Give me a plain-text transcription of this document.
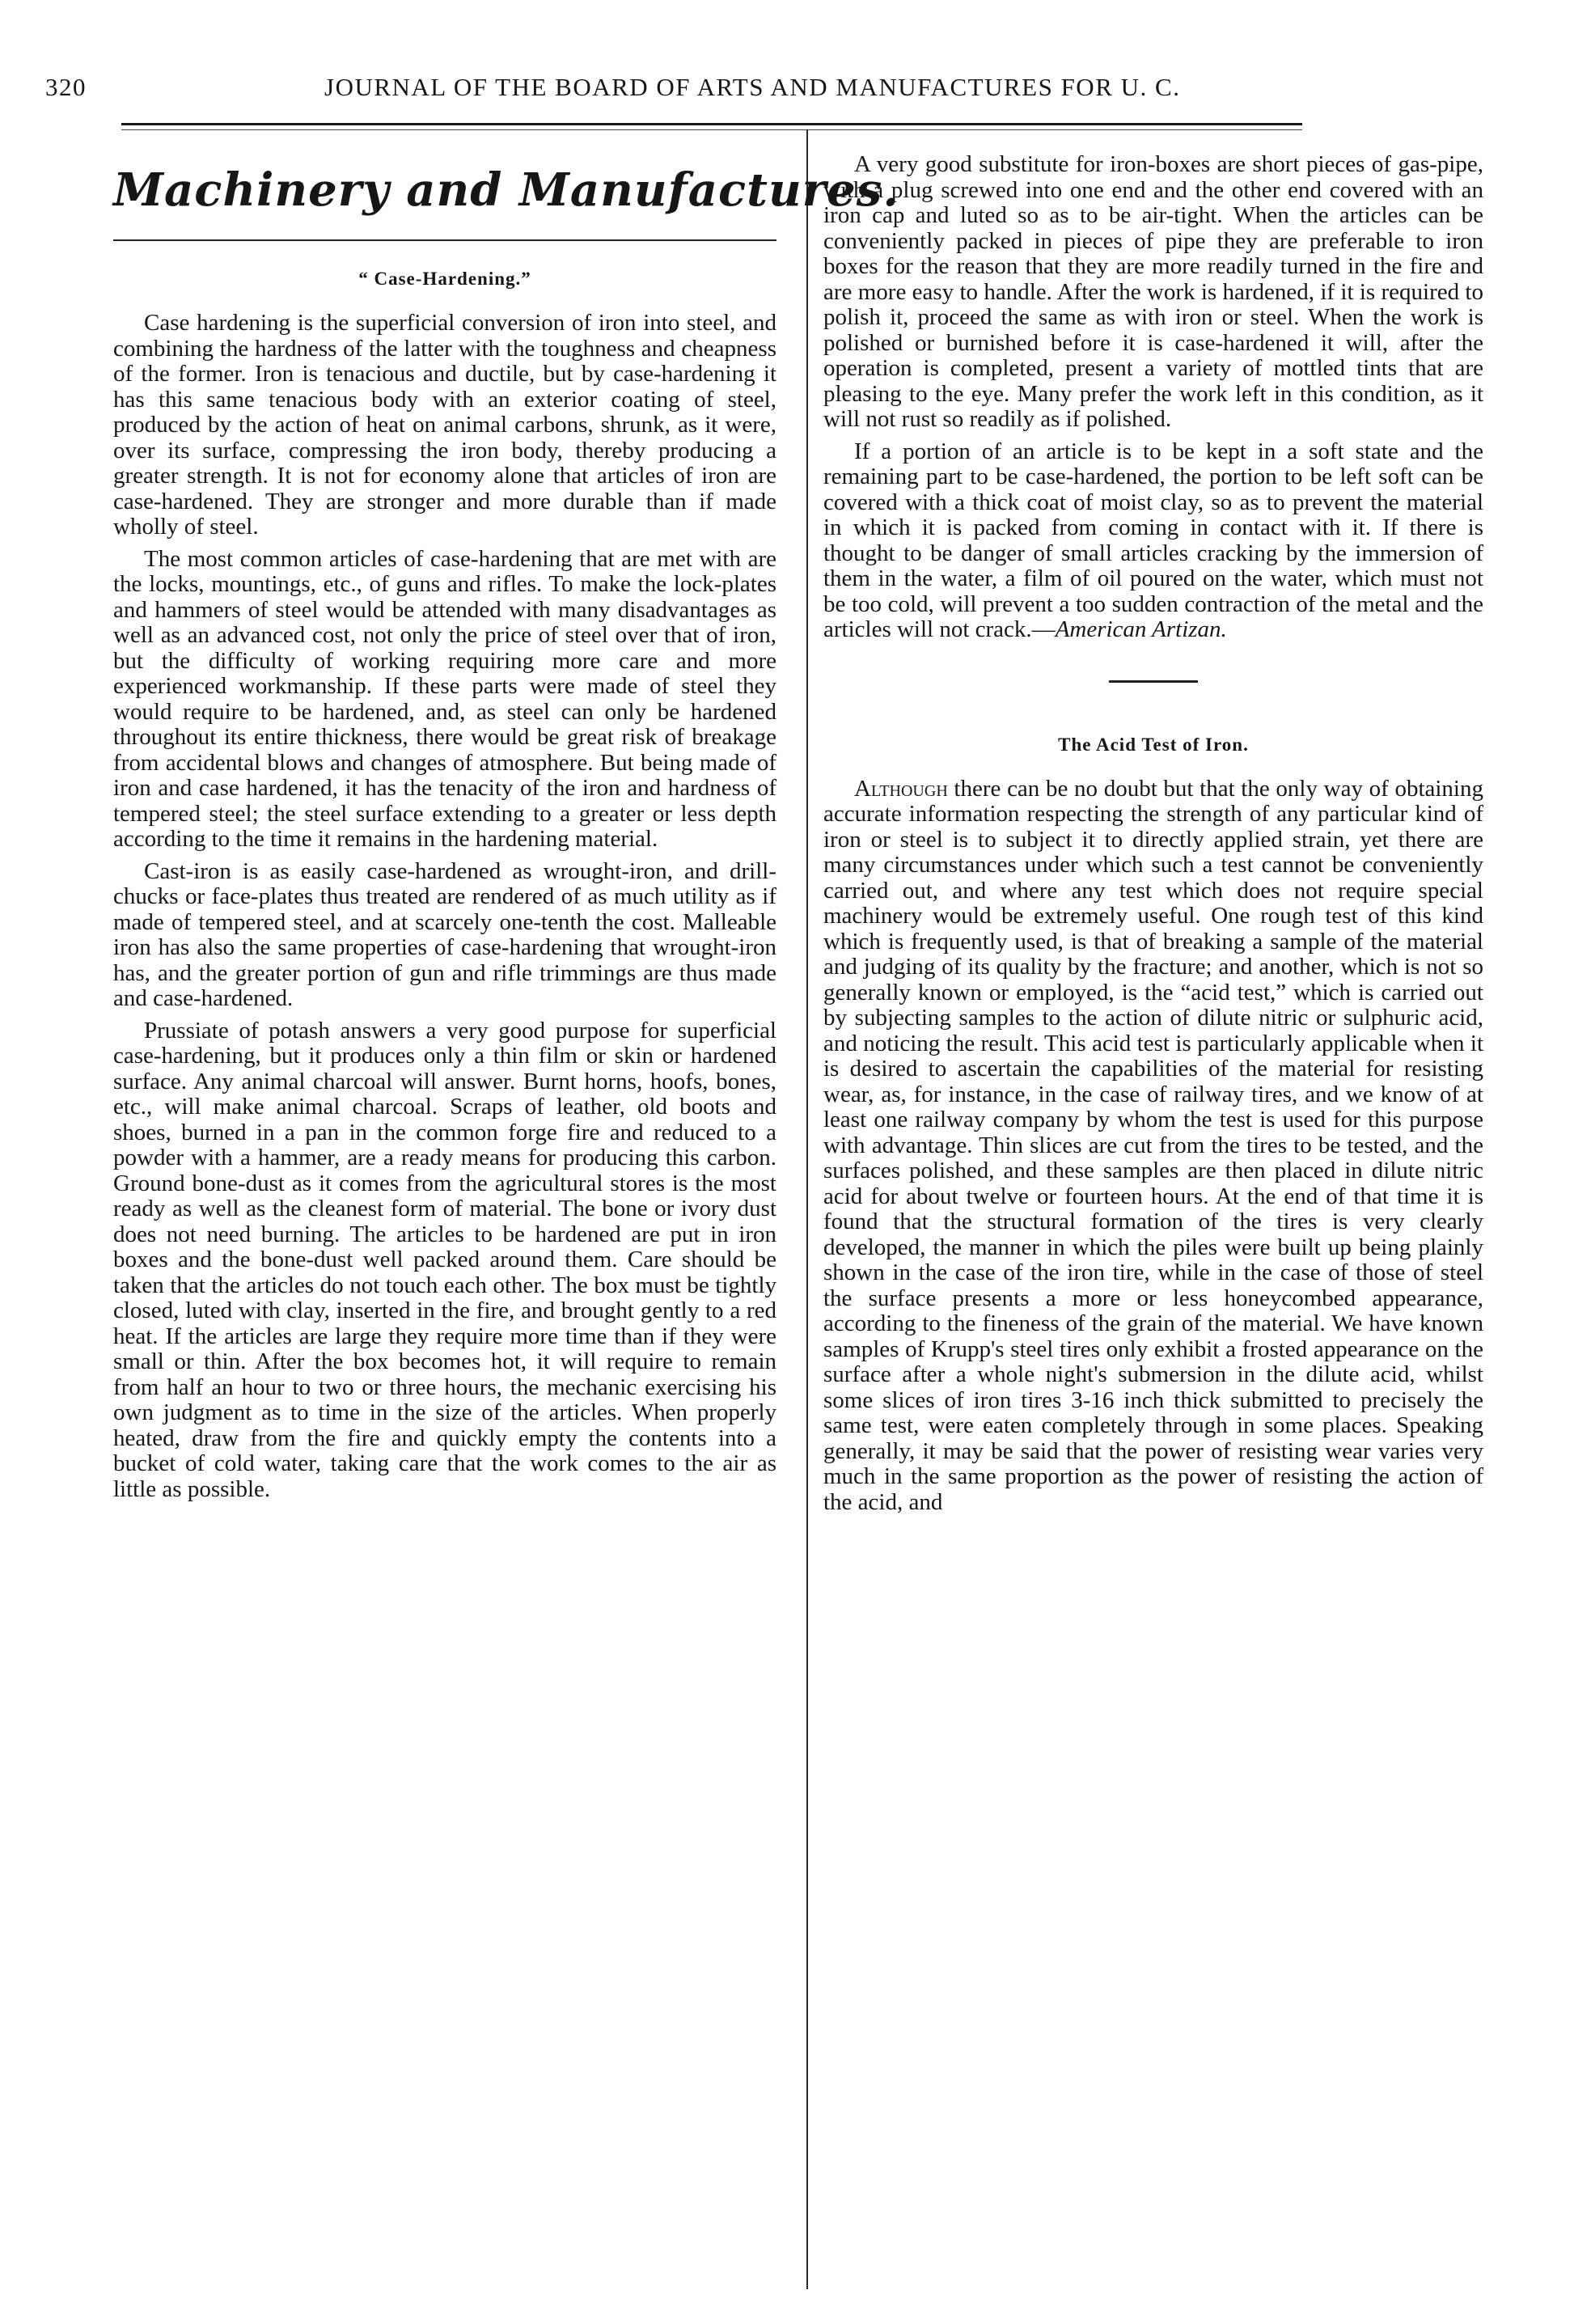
320	JOURNAL OF THE BOARD OF ARTS AND MANUFACTURES FOR U. C.
Machinery and Manufactures.
“ Case-Hardening.”

Case hardening is the superficial conversion of iron into steel, and combining the hardness of the latter with the toughness and cheapness of the former. Iron is tenacious and ductile, but by case-hardening it has this same tenacious body with an exterior coating of steel, produced by the action of heat on animal carbons, shrunk, as it were, over its surface, compressing the iron body, thereby producing a greater strength. It is not for economy alone that articles of iron are case-hardened. They are stronger and more durable than if made wholly of steel.

The most common articles of case-hardening that are met with are the locks, mountings, etc., of guns and rifles. To make the lock-plates and hammers of steel would be attended with many disadvantages as well as an advanced cost, not only the price of steel over that of iron, but the difficulty of working requiring more care and more experienced workmanship. If these parts were made of steel they would require to be hardened, and, as steel can only be hardened throughout its entire thickness, there would be great risk of breakage from accidental blows and changes of atmosphere. But being made of iron and case hardened, it has the tenacity of the iron and hardness of tempered steel; the steel surface extending to a greater or less depth according to the time it remains in the hardening material.

Cast-iron is as easily case-hardened as wrought-iron, and drill-chucks or face-plates thus treated are rendered of as much utility as if made of tempered steel, and at scarcely one-tenth the cost. Malleable iron has also the same properties of case-hardening that wrought-iron has, and the greater portion of gun and rifle trimmings are thus made and case-hardened.

Prussiate of potash answers a very good purpose for superficial case-hardening, but it produces only a thin film or skin or hardened surface. Any animal charcoal will answer. Burnt horns, hoofs, bones, etc., will make animal charcoal. Scraps of leather, old boots and shoes, burned in a pan in the common forge fire and reduced to a powder with a hammer, are a ready means for producing this carbon. Ground bone-dust as it comes from the agricultural stores is the most ready as well as the cleanest form of material. The bone or ivory dust does not need burning. The articles to be hardened are put in iron boxes and the bone-dust well packed around them. Care should be taken that the articles do not touch each other. The box must be tightly closed, luted with clay, inserted in the fire, and brought gently to a red heat. If the articles are large they require more time than if they were small or thin. After the box becomes hot, it will require to remain from half an hour to two or three hours, the mechanic exercising his own judgment as to time in the size of the articles. When properly heated, draw from the fire and quickly empty the contents into a bucket of cold water, taking care that the work comes to the air as little as possible.

A very good substitute for iron-boxes are short pieces of gas-pipe, with a plug screwed into one end and the other end covered with an iron cap and luted so as to be air-tight. When the articles can be conveniently packed in pieces of pipe they are preferable to iron boxes for the reason that they are more readily turned in the fire and are more easy to handle. After the work is hardened, if it is required to polish it, proceed the same as with iron or steel. When the work is polished or burnished before it is case-hardened it will, after the operation is completed, present a variety of mottled tints that are pleasing to the eye. Many prefer the work left in this condition, as it will not rust so readily as if polished.

If a portion of an article is to be kept in a soft state and the remaining part to be case-hardened, the portion to be left soft can be covered with a thick coat of moist clay, so as to prevent the material in which it is packed from coming in contact with it. If there is thought to be danger of small articles cracking by the immersion of them in the water, a film of oil poured on the water, which must not be too cold, will prevent a too sudden contraction of the metal and the articles will not crack.—American Artizan.

The Acid Test of Iron.

Although there can be no doubt but that the only way of obtaining accurate information respecting the strength of any particular kind of iron or steel is to subject it to directly applied strain, yet there are many circumstances under which such a test cannot be conveniently carried out, and where any test which does not require special machinery would be extremely useful. One rough test of this kind which is frequently used, is that of breaking a sample of the material and judging of its quality by the fracture; and another, which is not so generally known or employed, is the “acid test,” which is carried out by subjecting samples to the action of dilute nitric or sulphuric acid, and noticing the result. This acid test is particularly applicable when it is desired to ascertain the capabilities of the material for resisting wear, as, for instance, in the case of railway tires, and we know of at least one railway company by whom the test is used for this purpose with advantage. Thin slices are cut from the tires to be tested, and the surfaces polished, and these samples are then placed in dilute nitric acid for about twelve or fourteen hours. At the end of that time it is found that the structural formation of the tires is very clearly developed, the manner in which the piles were built up being plainly shown in the case of the iron tire, while in the case of those of steel the surface presents a more or less honeycombed appearance, according to the fineness of the grain of the material. We have known samples of Krupp's steel tires only exhibit a frosted appearance on the surface after a whole night's submersion in the dilute acid, whilst some slices of iron tires 3-16 inch thick submitted to precisely the same test, were eaten completely through in some places. Speaking generally, it may be said that the power of resisting wear varies very much in the same proportion as the power of resisting the action of the acid, and
